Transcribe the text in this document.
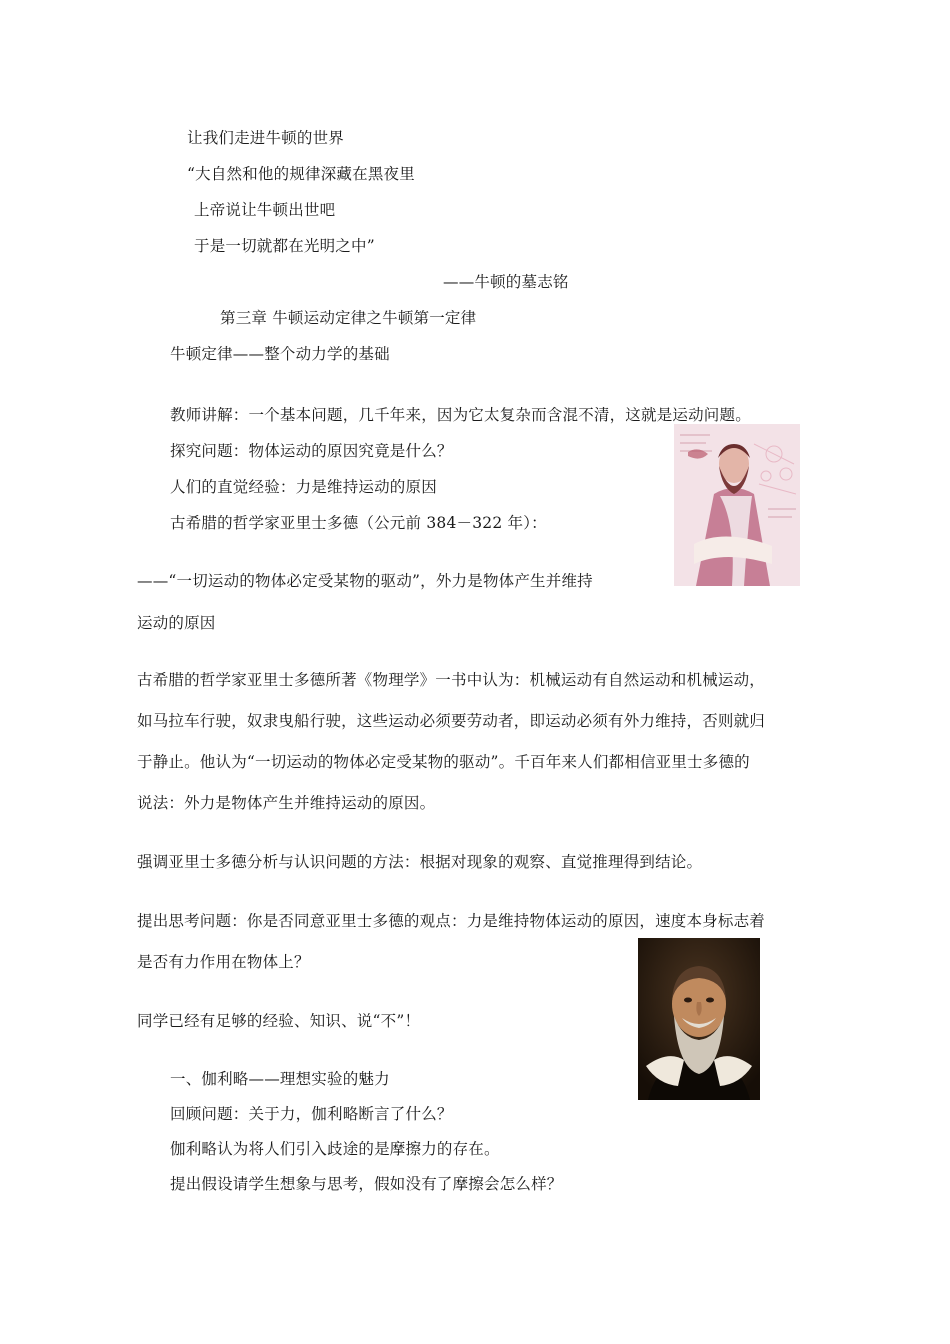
让我们走进牛顿的世界
“大自然和他的规律深藏在黑夜里
上帝说让牛顿出世吧
于是一切就都在光明之中”
——牛顿的墓志铭
第三章 牛顿运动定律之牛顿第一定律
牛顿定律——整个动力学的基础
教师讲解：一个基本问题，几千年来，因为它太复杂而含混不清，这就是运动问题。
探究问题：物体运动的原因究竟是什么？
人们的直觉经验：力是维持运动的原因
古希腊的哲学家亚里士多德（公元前 384－322 年）：
——“一切运动的物体必定受某物的驱动”，外力是物体产生并维持
运动的原因
古希腊的哲学家亚里士多德所著《物理学》一书中认为：机械运动有自然运动和机械运动，
如马拉车行驶，奴隶曳船行驶，这些运动必须要劳动者，即运动必须有外力维持，否则就归
于静止。他认为“一切运动的物体必定受某物的驱动”。千百年来人们都相信亚里士多德的
说法：外力是物体产生并维持运动的原因。
强调亚里士多德分析与认识问题的方法：根据对现象的观察、直觉推理得到结论。
提出思考问题：你是否同意亚里士多德的观点：力是维持物体运动的原因，速度本身标志着
是否有力作用在物体上？
同学已经有足够的经验、知识、说“不”！
一、伽利略——理想实验的魅力
回顾问题：关于力，伽利略断言了什么？
伽利略认为将人们引入歧途的是摩擦力的存在。
提出假设请学生想象与思考，假如没有了摩擦会怎么样？
